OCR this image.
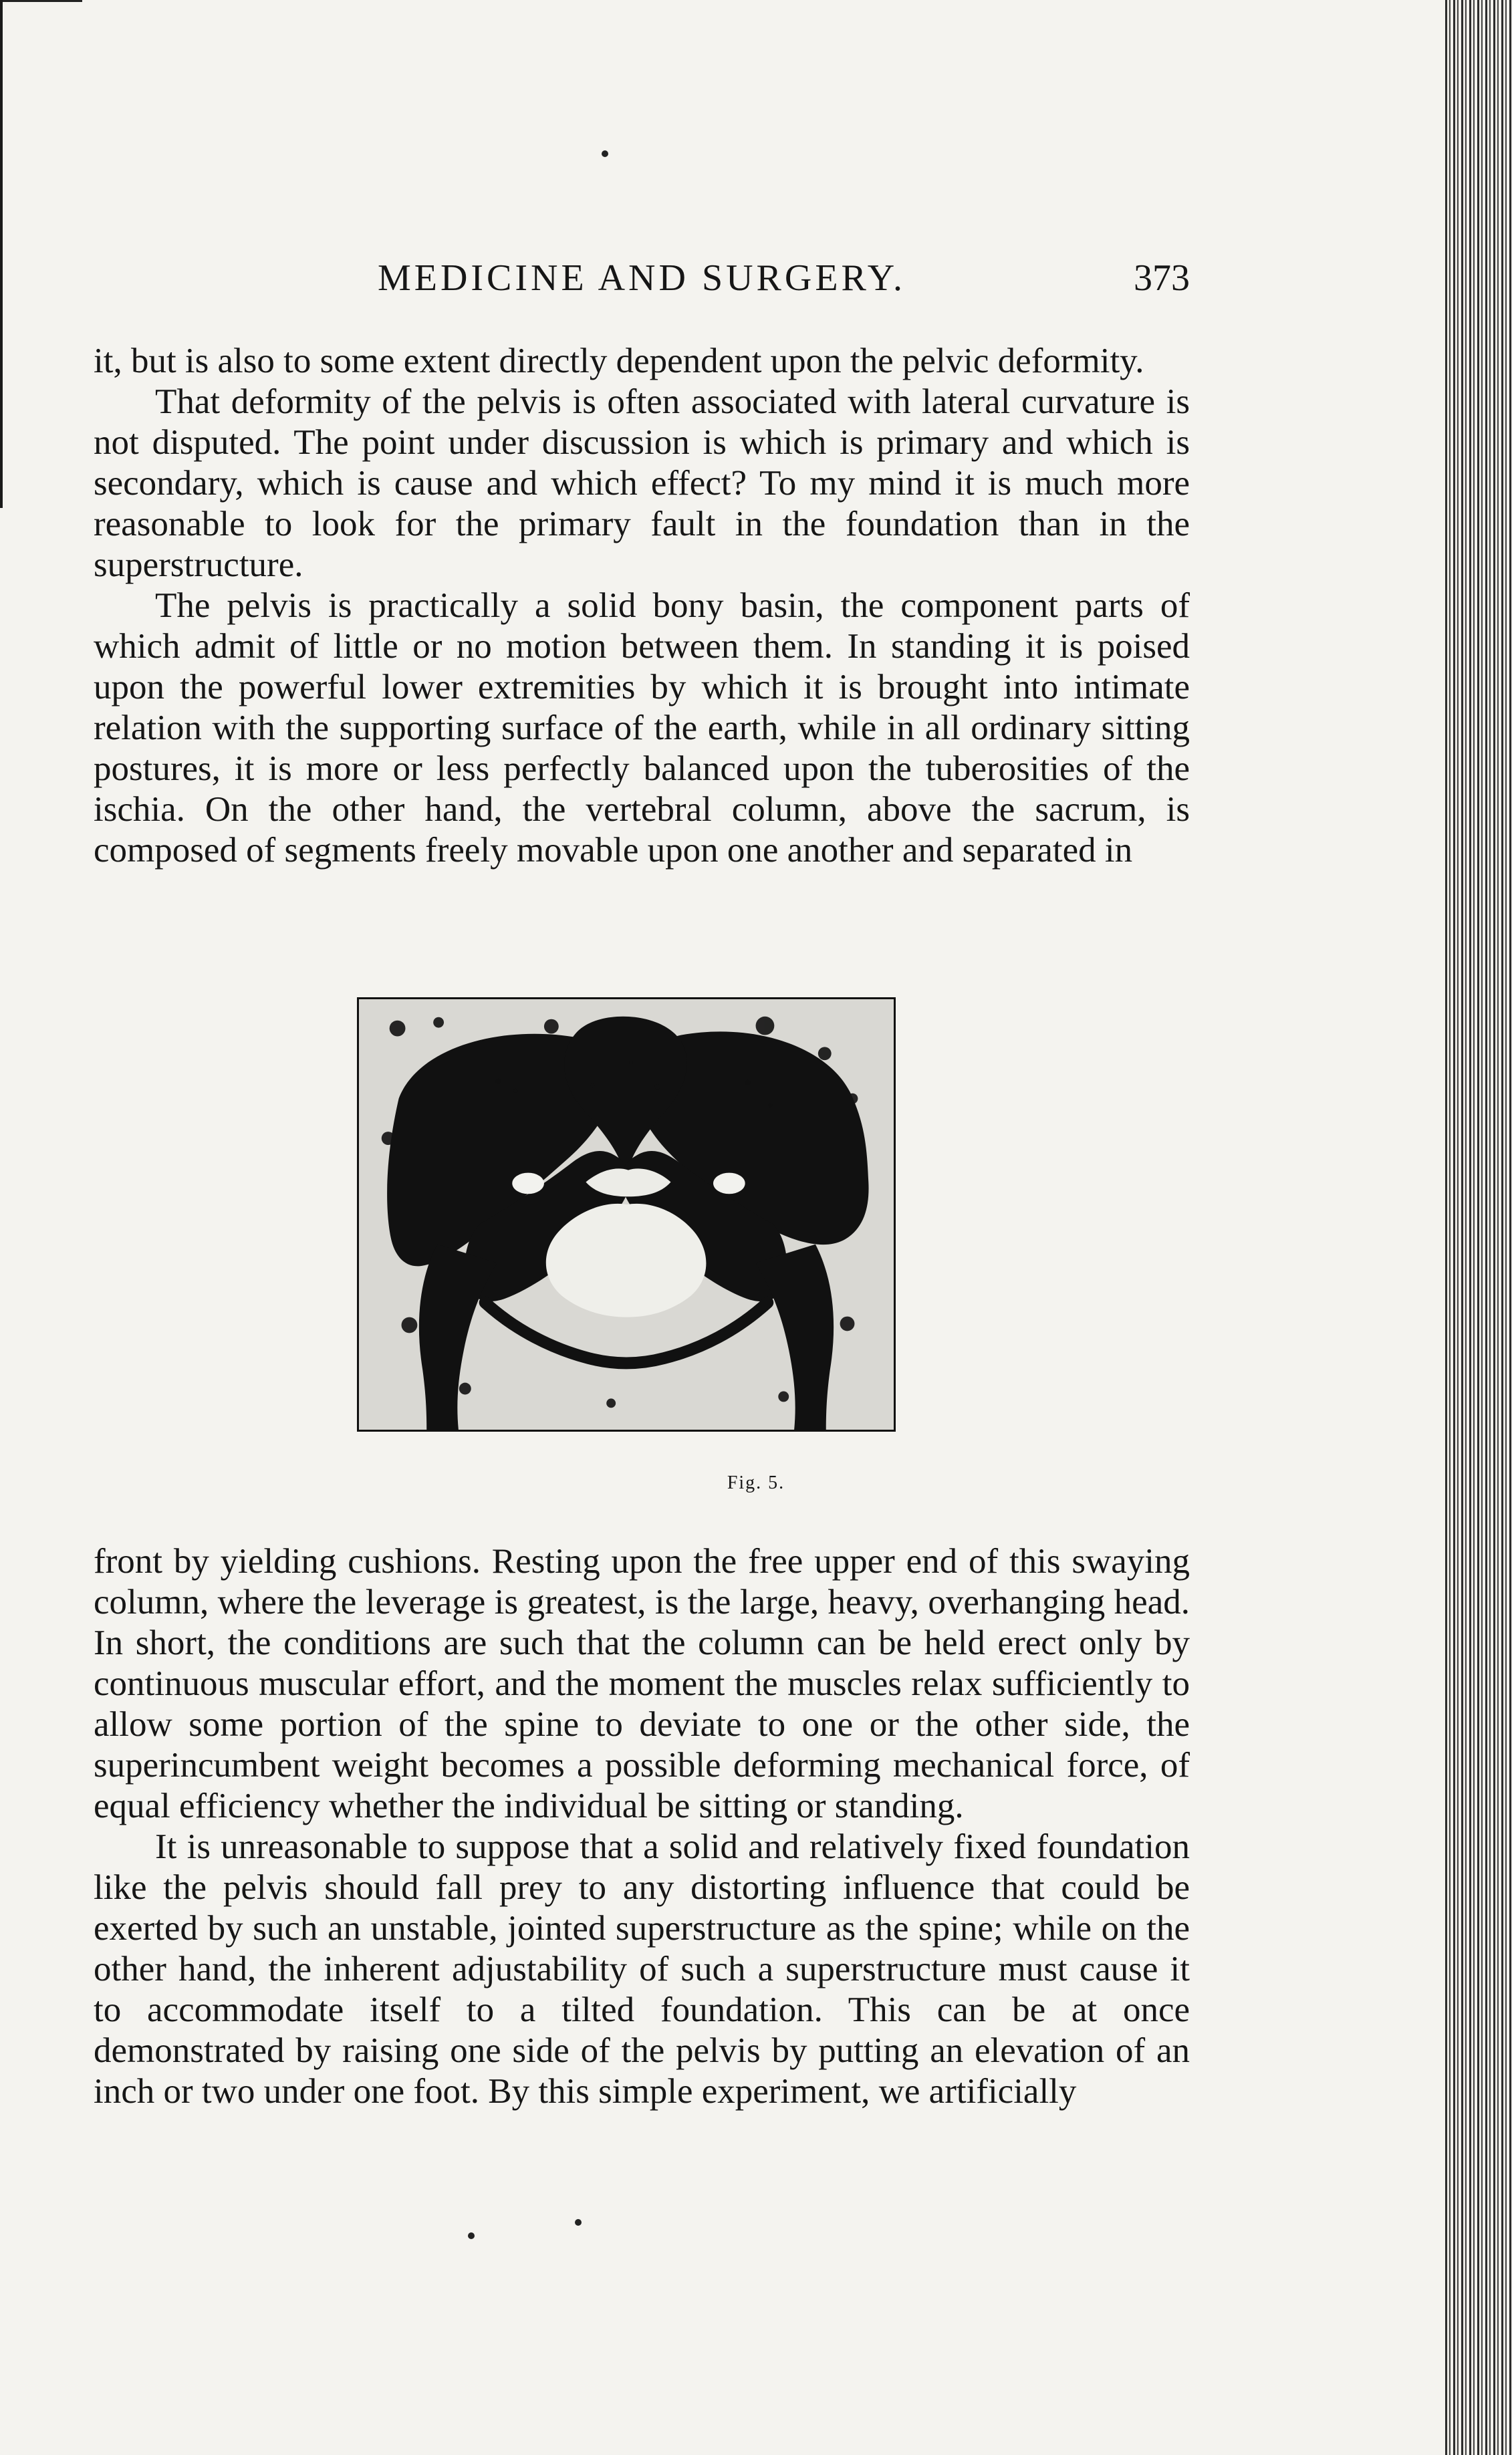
MEDICINE AND SURGERY.	373

it, but is also to some extent directly dependent upon the pelvic deformity.

That deformity of the pelvis is often associated with lateral curvature is not disputed. The point under discussion is which is primary and which is secondary, which is cause and which effect? To my mind it is much more reasonable to look for the primary fault in the foundation than in the superstructure.

The pelvis is practically a solid bony basin, the component parts of which admit of little or no motion between them. In standing it is poised upon the powerful lower extremities by which it is brought into intimate relation with the supporting surface of the earth, while in all ordinary sitting postures, it is more or less perfectly balanced upon the tuberosities of the ischia. On the other hand, the vertebral column, above the sacrum, is composed of segments freely movable upon one another and separated in

Fig. 5.

front by yielding cushions. Resting upon the free upper end of this swaying column, where the leverage is greatest, is the large, heavy, overhanging head. In short, the conditions are such that the column can be held erect only by continuous muscular effort, and the moment the muscles relax sufficiently to allow some portion of the spine to deviate to one or the other side, the superincumbent weight becomes a possible deforming mechanical force, of equal efficiency whether the individual be sitting or standing.

It is unreasonable to suppose that a solid and relatively fixed foundation like the pelvis should fall prey to any distorting influence that could be exerted by such an unstable, jointed superstructure as the spine; while on the other hand, the inherent adjustability of such a superstructure must cause it to accommodate itself to a tilted foundation. This can be at once demonstrated by raising one side of the pelvis by putting an elevation of an inch or two under one foot. By this simple experiment, we artificially
